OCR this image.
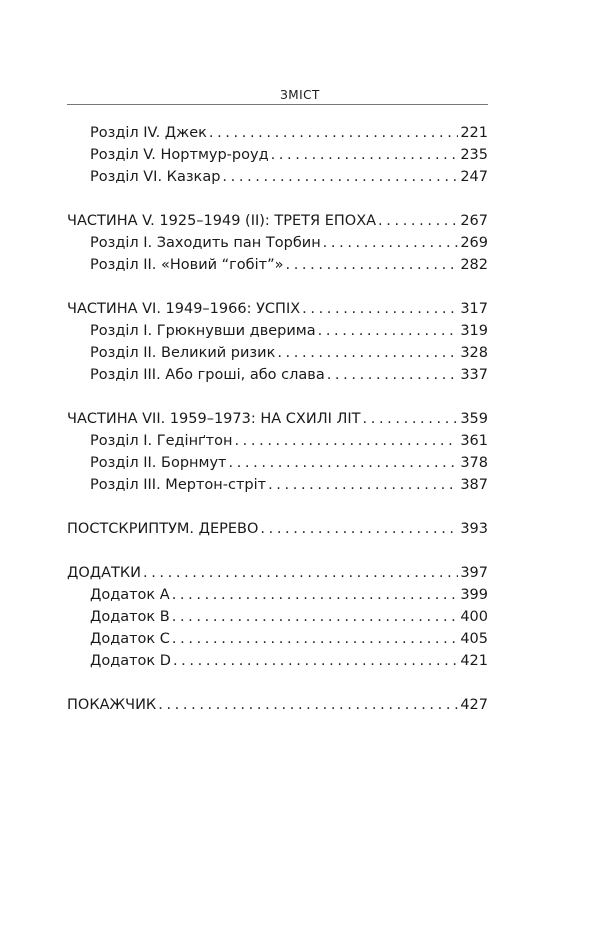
ЗМІСТ
Розділ IV. Джек . . .	221
Розділ V. Нортмур-роуд . . .	235
Розділ VI. Казкар . . .	247
ЧАСТИНА V. 1925–1949 (II): ТРЕТЯ ЕПОХА . . .	267
Розділ I. Заходить пан Торбин . . .	269
Розділ II. «Новий “гобіт”» . . .	282
ЧАСТИНА VI. 1949–1966: УСПІХ . . .	317
Розділ I. Грюкнувши дверима . . .	319
Розділ II. Великий ризик . . .	328
Розділ III. Або гроші, або слава . . .	337
ЧАСТИНА VII. 1959–1973: НА СХИЛІ ЛІТ . . .	359
Розділ I. Гедінґтон . . .	361
Розділ II. Борнмут . . .	378
Розділ III. Мертон-стріт . . .	387
ПОСТСКРИПТУМ. ДЕРЕВО . . .	393
ДОДАТКИ . . .	397
Додаток A . . .	399
Додаток B . . .	400
Додаток C . . .	405
Додаток D . . .	421
ПОКАЖЧИК . . .	427
